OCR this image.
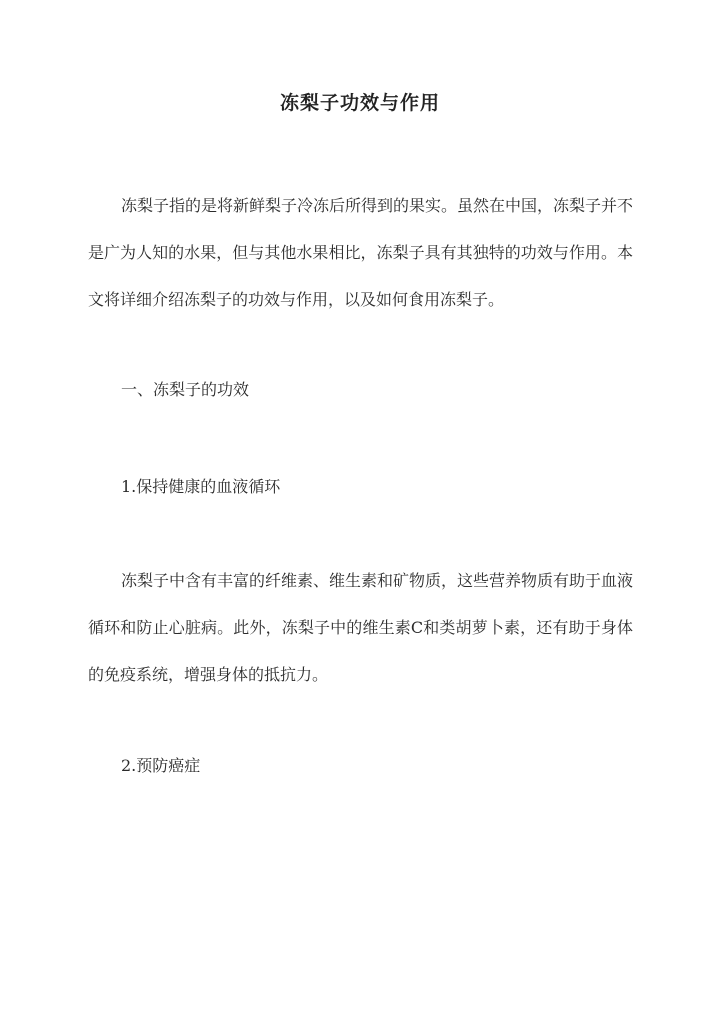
冻梨子功效与作用
冻梨子指的是将新鲜梨子冷冻后所得到的果实。虽然在中国，冻梨子并不是广为人知的水果，但与其他水果相比，冻梨子具有其独特的功效与作用。本文将详细介绍冻梨子的功效与作用，以及如何食用冻梨子。
一、冻梨子的功效
1.保持健康的血液循环
冻梨子中含有丰富的纤维素、维生素和矿物质，这些营养物质有助于血液循环和防止心脏病。此外，冻梨子中的维生素C和类胡萝卜素，还有助于身体的免疫系统，增强身体的抵抗力。
2.预防癌症
